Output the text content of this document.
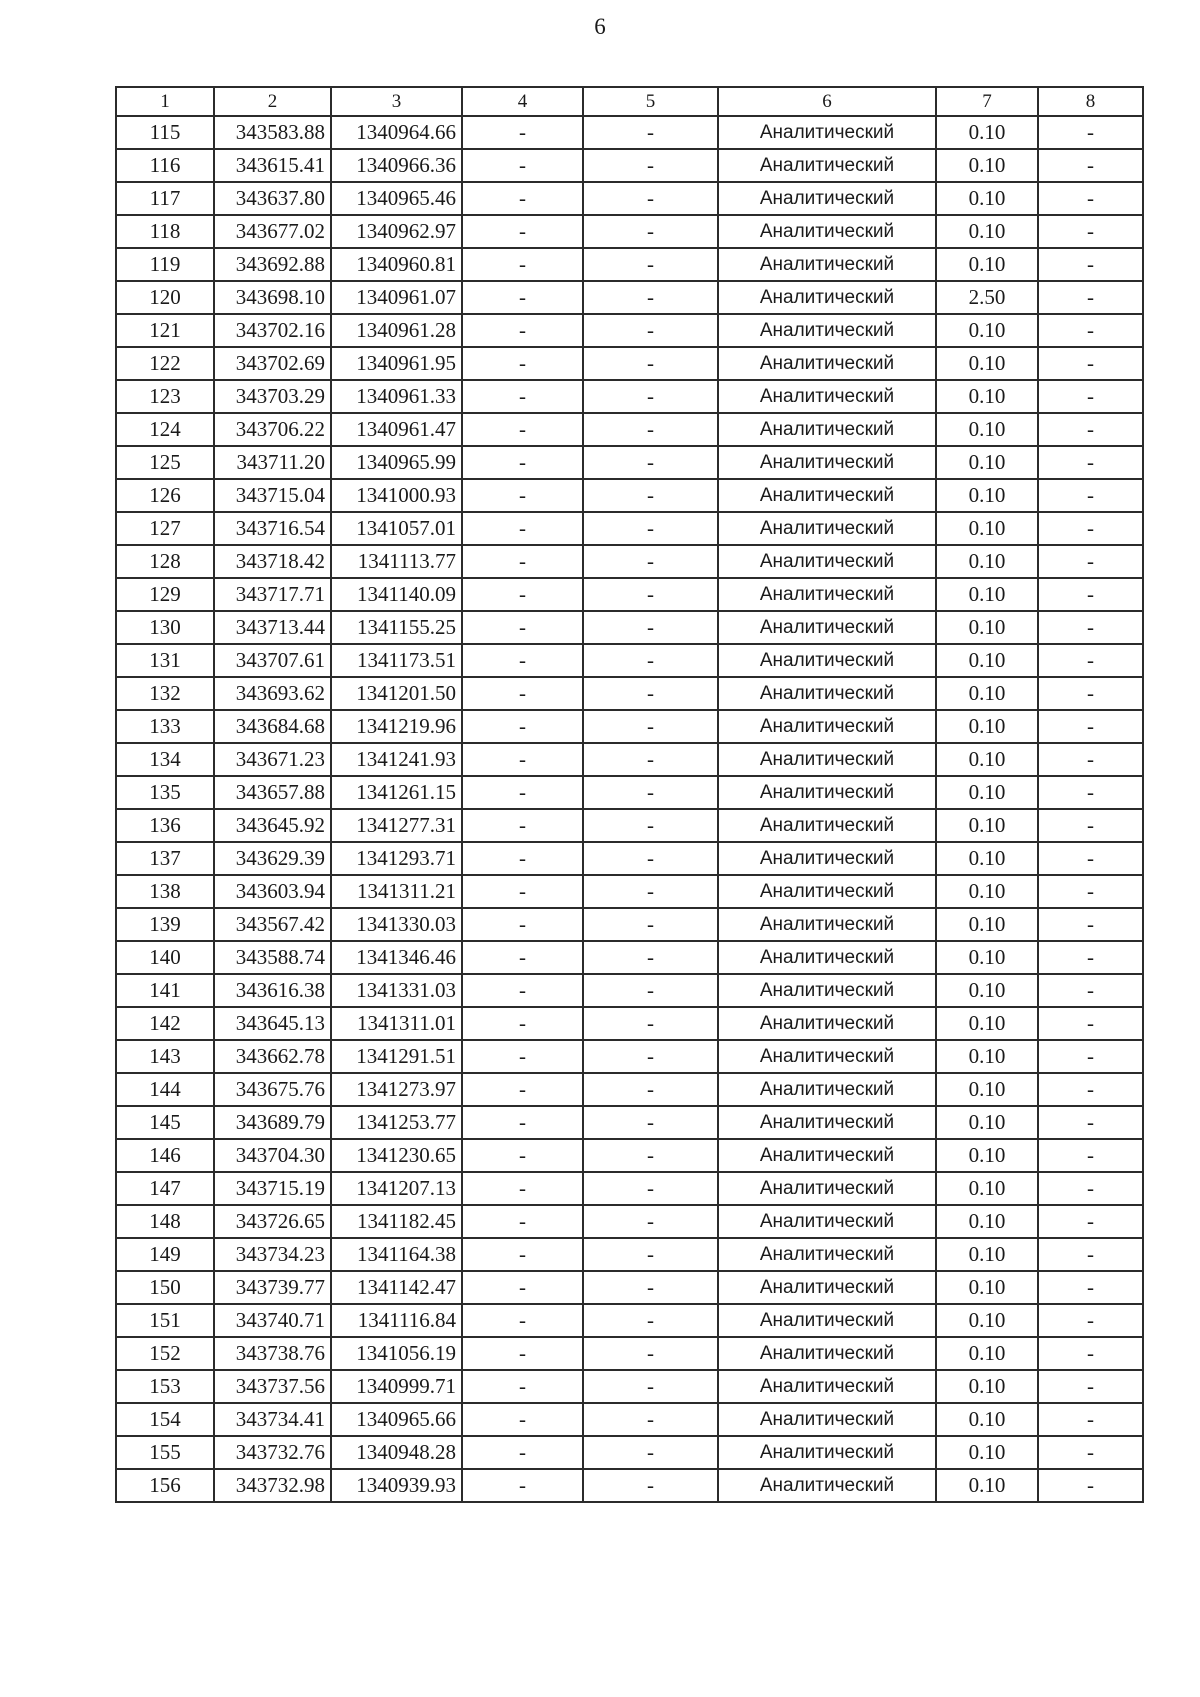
6
1	2	3	4	5	6	7	8
115	343583.88	1340964.66	-	-	Аналитический	0.10	-
116	343615.41	1340966.36	-	-	Аналитический	0.10	-
117	343637.80	1340965.46	-	-	Аналитический	0.10	-
118	343677.02	1340962.97	-	-	Аналитический	0.10	-
119	343692.88	1340960.81	-	-	Аналитический	0.10	-
120	343698.10	1340961.07	-	-	Аналитический	2.50	-
121	343702.16	1340961.28	-	-	Аналитический	0.10	-
122	343702.69	1340961.95	-	-	Аналитический	0.10	-
123	343703.29	1340961.33	-	-	Аналитический	0.10	-
124	343706.22	1340961.47	-	-	Аналитический	0.10	-
125	343711.20	1340965.99	-	-	Аналитический	0.10	-
126	343715.04	1341000.93	-	-	Аналитический	0.10	-
127	343716.54	1341057.01	-	-	Аналитический	0.10	-
128	343718.42	1341113.77	-	-	Аналитический	0.10	-
129	343717.71	1341140.09	-	-	Аналитический	0.10	-
130	343713.44	1341155.25	-	-	Аналитический	0.10	-
131	343707.61	1341173.51	-	-	Аналитический	0.10	-
132	343693.62	1341201.50	-	-	Аналитический	0.10	-
133	343684.68	1341219.96	-	-	Аналитический	0.10	-
134	343671.23	1341241.93	-	-	Аналитический	0.10	-
135	343657.88	1341261.15	-	-	Аналитический	0.10	-
136	343645.92	1341277.31	-	-	Аналитический	0.10	-
137	343629.39	1341293.71	-	-	Аналитический	0.10	-
138	343603.94	1341311.21	-	-	Аналитический	0.10	-
139	343567.42	1341330.03	-	-	Аналитический	0.10	-
140	343588.74	1341346.46	-	-	Аналитический	0.10	-
141	343616.38	1341331.03	-	-	Аналитический	0.10	-
142	343645.13	1341311.01	-	-	Аналитический	0.10	-
143	343662.78	1341291.51	-	-	Аналитический	0.10	-
144	343675.76	1341273.97	-	-	Аналитический	0.10	-
145	343689.79	1341253.77	-	-	Аналитический	0.10	-
146	343704.30	1341230.65	-	-	Аналитический	0.10	-
147	343715.19	1341207.13	-	-	Аналитический	0.10	-
148	343726.65	1341182.45	-	-	Аналитический	0.10	-
149	343734.23	1341164.38	-	-	Аналитический	0.10	-
150	343739.77	1341142.47	-	-	Аналитический	0.10	-
151	343740.71	1341116.84	-	-	Аналитический	0.10	-
152	343738.76	1341056.19	-	-	Аналитический	0.10	-
153	343737.56	1340999.71	-	-	Аналитический	0.10	-
154	343734.41	1340965.66	-	-	Аналитический	0.10	-
155	343732.76	1340948.28	-	-	Аналитический	0.10	-
156	343732.98	1340939.93	-	-	Аналитический	0.10	-
